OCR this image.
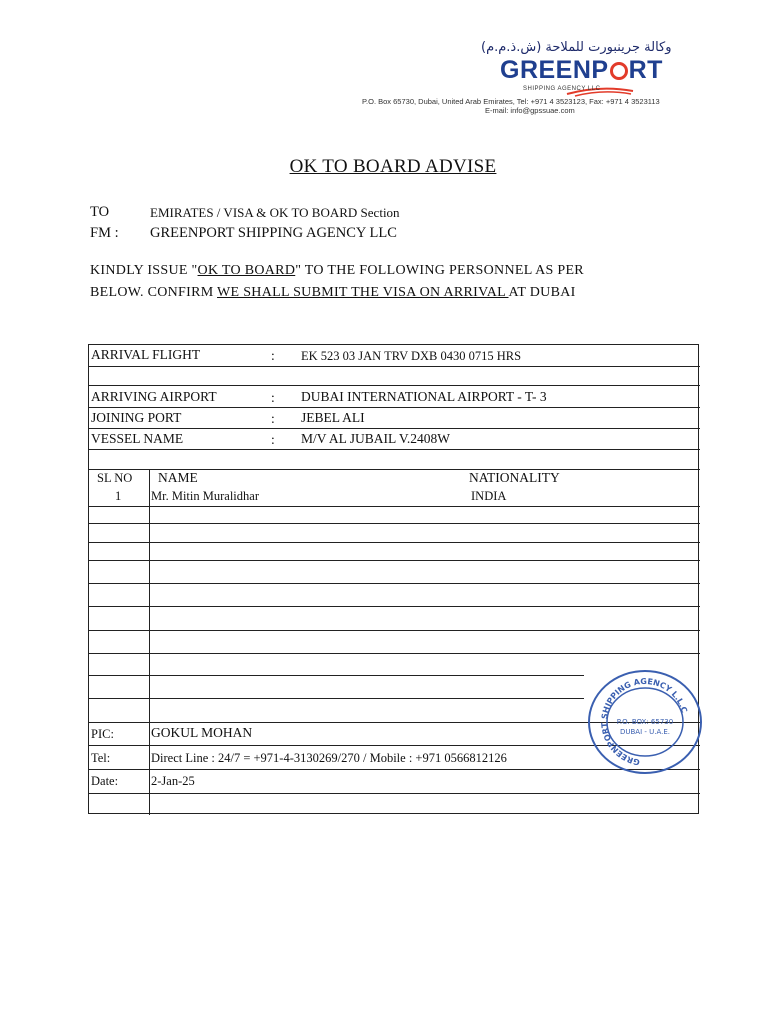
وكالة جرينبورت للملاحة (ش.ذ.م.م)
GREENP RT
SHIPPING AGENCY LLC
P.O. Box 65730, Dubai, United Arab Emirates, Tel: +971 4 3523123, Fax: +971 4 3523113
E-mail: info@gpssuae.com
OK TO BOARD ADVISE
TO	EMIRATES / VISA & OK TO BOARD Section
FM : GREENPORT SHIPPING AGENCY LLC
KINDLY ISSUE "OK TO BOARD" TO THE FOLLOWING PERSONNEL AS PER
BELOW. CONFIRM WE SHALL SUBMIT THE VISA ON ARRIVAL AT DUBAI
ARRIVAL FLIGHT	: EK 523 03 JAN TRV DXB 0430 0715 HRS
ARRIVING AIRPORT	: DUBAI INTERNATIONAL AIRPORT - T- 3
JOINING PORT	: JEBEL ALI
VESSEL NAME	: M/V AL JUBAIL V.2408W
SL NO NAME	NATIONALITY
1 Mr. Mitin Muralidhar	INDIA
PIC:	GOKUL MOHAN
Tel:	Direct Line : 24/7 = +971-4-3130269/270 / Mobile : +971 0566812126
Date:	2-Jan-25
GREENPORT SHIPPING AGENCY L.L.C
P.O. BOX: 65730
DUBAI - U.A.E.
